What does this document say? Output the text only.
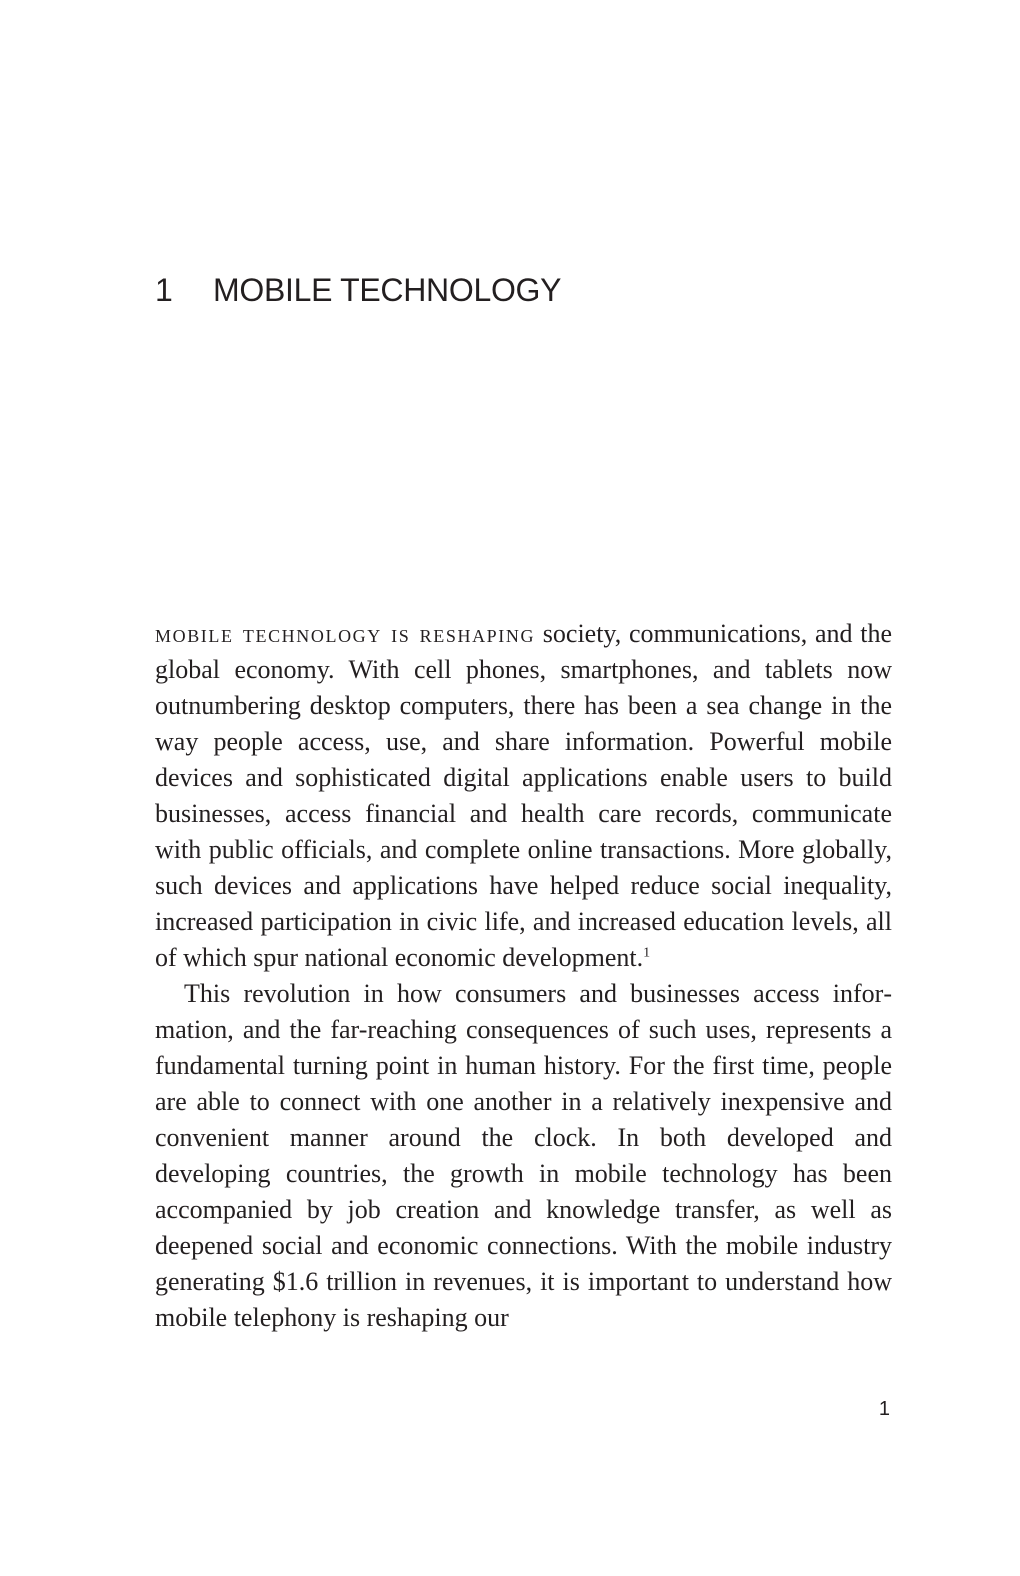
1 MOBILE TECHNOLOGY

mobile technology is reshaping society, communications, and the global economy. With cell phones, smartphones, and tablets now outnumbering desktop computers, there has been a sea change in the way people access, use, and share information. Powerful mobile devices and sophisticated digital applications enable users to build businesses, access financial and health care records, communicate with public officials, and complete online transactions. More globally, such devices and applications have helped reduce social inequality, increased participation in civic life, and increased education levels, all of which spur national economic development.$^1$

This revolution in how consumers and businesses access information, and the far-reaching consequences of such uses, represents a fundamental turning point in human history. For the first time, people are able to connect with one another in a relatively inexpensive and convenient manner around the clock. In both developed and developing countries, the growth in mobile technology has been accompanied by job creation and knowledge transfer, as well as deepened social and economic connections. With the mobile industry generating $1.6 trillion in revenues, it is important to understand how mobile telephony is reshaping our

1
